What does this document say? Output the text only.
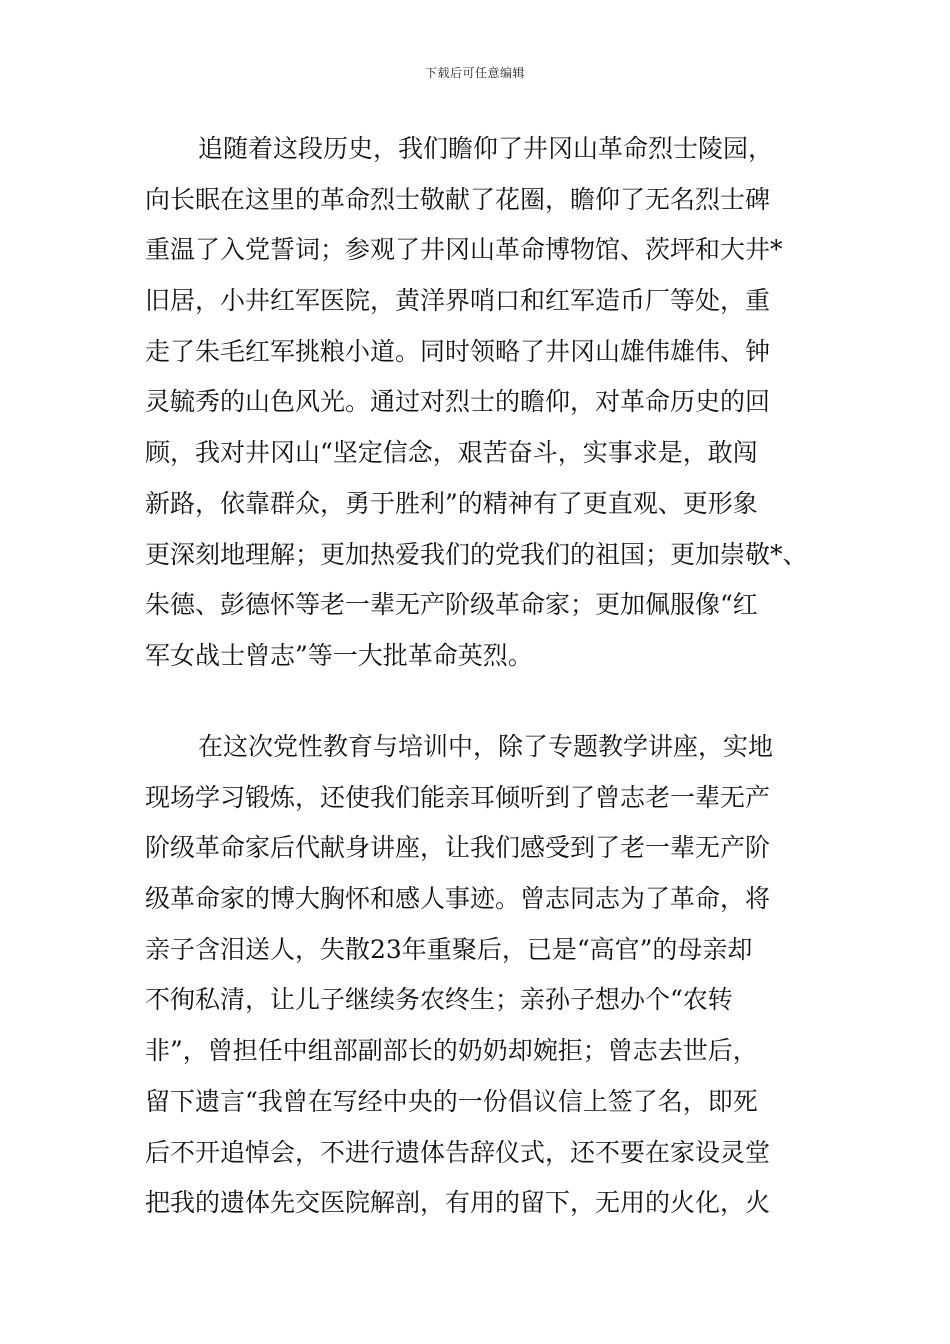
下载后可任意编辑
追随着这段历史，我们瞻仰了井冈山革命烈士陵园，
向长眠在这里的革命烈士敬献了花圈，瞻仰了无名烈士碑
重温了入党誓词；参观了井冈山革命博物馆、茨坪和大井*
旧居，小井红军医院，黄洋界哨口和红军造币厂等处，重
走了朱毛红军挑粮小道。同时领略了井冈山雄伟雄伟、钟
灵毓秀的山色风光。通过对烈士的瞻仰，对革命历史的回
顾，我对井冈山“坚定信念，艰苦奋斗，实事求是，敢闯
新路，依靠群众，勇于胜利”的精神有了更直观、更形象
更深刻地理解；更加热爱我们的党我们的祖国；更加崇敬*、
朱德、彭德怀等老一辈无产阶级革命家；更加佩服像“红
军女战士曾志”等一大批革命英烈。
在这次党性教育与培训中，除了专题教学讲座，实地
现场学习锻炼，还使我们能亲耳倾听到了曾志老一辈无产
阶级革命家后代献身讲座，让我们感受到了老一辈无产阶
级革命家的博大胸怀和感人事迹。曾志同志为了革命，将
亲子含泪送人，失散23年重聚后，已是“高官”的母亲却
不徇私清，让儿子继续务农终生；亲孙子想办个“农转
非”，曾担任中组部副部长的奶奶却婉拒；曾志去世后，
留下遗言“我曾在写经中央的一份倡议信上签了名，即死
后不开追悼会，不进行遗体告辞仪式，还不要在家设灵堂
把我的遗体先交医院解剖，有用的留下，无用的火化，火
